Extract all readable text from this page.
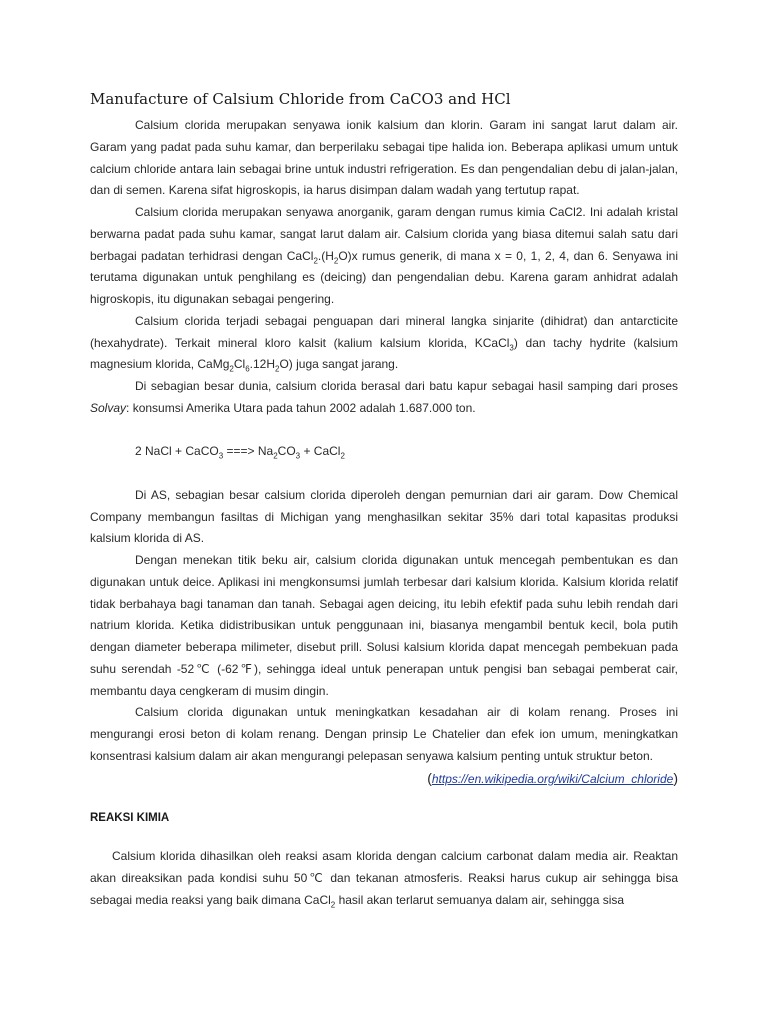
Manufacture of Calsium Chloride from CaCO3 and HCl

Calsium clorida merupakan senyawa ionik kalsium dan klorin. Garam ini sangat larut dalam air. Garam yang padat pada suhu kamar, dan berperilaku sebagai tipe halida ion. Beberapa aplikasi umum untuk calcium chloride antara lain sebagai brine untuk industri refrigeration. Es dan pengendalian debu di jalan-jalan, dan di semen. Karena sifat higroskopis, ia harus disimpan dalam wadah yang tertutup rapat.

Calsium clorida merupakan senyawa anorganik, garam dengan rumus kimia CaCl2. Ini adalah kristal berwarna padat pada suhu kamar, sangat larut dalam air. Calsium clorida yang biasa ditemui salah satu dari berbagai padatan terhidrasi dengan $CaCl_2.(H_2O)x$ rumus generik, di mana x = 0, 1, 2, 4, dan 6. Senyawa ini terutama digunakan untuk penghilang es (deicing) dan pengendalian debu. Karena garam anhidrat adalah higroskopis, itu digunakan sebagai pengering.

Calsium clorida terjadi sebagai penguapan dari mineral langka sinjarite (dihidrat) dan antarcticite (hexahydrate). Terkait mineral kloro kalsit (kalium kalsium klorida, KCaCl$_3$) dan tachy hydrite (kalsium magnesium klorida, $CaMg_2Cl_6.12H_2O$) juga sangat jarang.

Di sebagian besar dunia, calsium clorida berasal dari batu kapur sebagai hasil samping dari proses Solvay: konsumsi Amerika Utara pada tahun 2002 adalah 1.687.000 ton.

2 NaCl + CaCO$_3$ ===> $Na_2CO_3$ + CaCl$_2$

Di AS, sebagian besar calsium clorida diperoleh dengan pemurnian dari air garam. Dow Chemical Company membangun fasiltas di Michigan yang menghasilkan sekitar 35% dari total kapasitas produksi kalsium klorida di AS.

Dengan menekan titik beku air, calsium clorida digunakan untuk mencegah pembentukan es dan digunakan untuk deice. Aplikasi ini mengkonsumsi jumlah terbesar dari kalsium klorida. Kalsium klorida relatif tidak berbahaya bagi tanaman dan tanah. Sebagai agen deicing, itu lebih efektif pada suhu lebih rendah dari natrium klorida. Ketika didistribusikan untuk penggunaan ini, biasanya mengambil bentuk kecil, bola putih dengan diameter beberapa milimeter, disebut prill. Solusi kalsium klorida dapat mencegah pembekuan pada suhu serendah -52℃ (-62℉), sehingga ideal untuk penerapan untuk pengisi ban sebagai pemberat cair, membantu daya cengkeram di musim dingin.

Calsium clorida digunakan untuk meningkatkan kesadahan air di kolam renang. Proses ini mengurangi erosi beton di kolam renang. Dengan prinsip Le Chatelier dan efek ion umum, meningkatkan konsentrasi kalsium dalam air akan mengurangi pelepasan senyawa kalsium penting untuk struktur beton.

(https://en.wikipedia.org/wiki/Calcium_chloride)
REAKSI KIMIA

Calsium klorida dihasilkan oleh reaksi asam klorida dengan calcium carbonat dalam media air. Reaktan akan direaksikan pada kondisi suhu 50℃ dan tekanan atmosferis. Reaksi harus cukup air sehingga bisa sebagai media reaksi yang baik dimana CaCl$_2$ hasil akan terlarut semuanya dalam air, sehingga sisa
